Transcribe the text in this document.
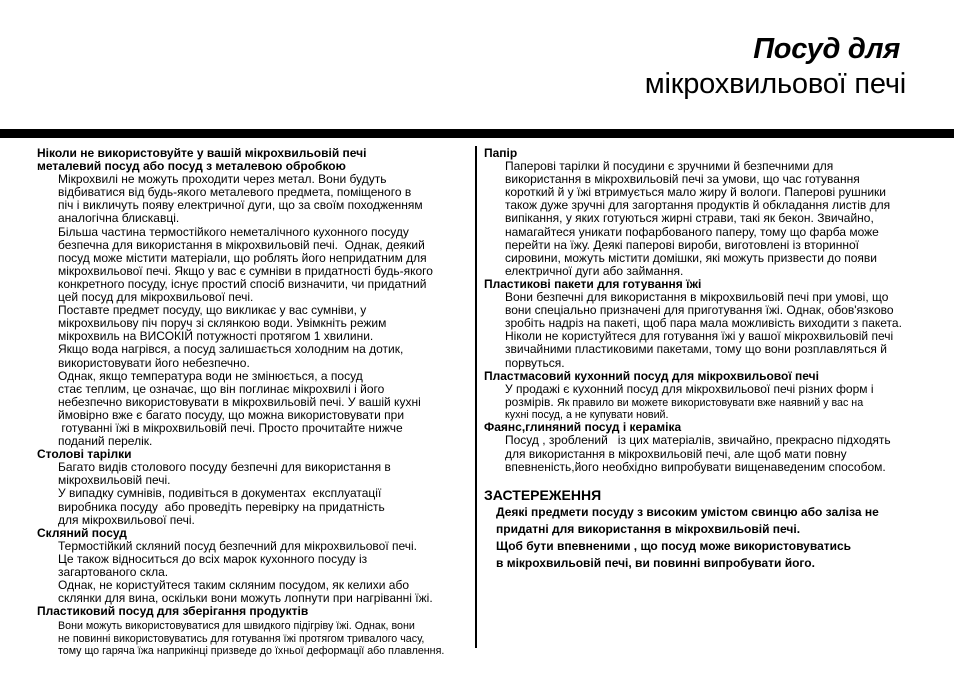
Посуд для
мікрохвильової печі
Ніколи не використовуйте у вашій мікрохвильовій печі
металевий посуд або посуд з металевою обробкою
Мікрохвилі не можуть проходити через метал. Вони будуть
відбиватися від будь-якого металевого предмета, поміщеного в
піч і викличуть появу електричної дуги, що за своїм походженням
аналогічна блискавці.
Більша частина термостійкого неметалічного кухонного посуду
безпечна для використання в мікрохвильовій печі.  Однак, деякий
посуд може містити матеріали, що роблять його непридатним для
мікрохвильової печі. Якщо у вас є сумніви в придатності будь-якого
конкретного посуду, існує простий спосіб визначити, чи придатний
цей посуд для мікрохвильової печі.
Поставте предмет посуду, що викликає у вас сумніви, у
мікрохвильову піч поруч зі склянкою води. Увімкніть режим
мікрохвиль на ВИСОКІЙ потужності протягом 1 хвилини.
Якщо вода нагрівся, а посуд залишається холодним на дотик,
використовувати його небезпечно.
Однак, якщо температура води не змінюється, а посуд
стає теплим, це означає, що він поглинає мікрохвилі і його
небезпечно використовувати в мікрохвильовій печі. У вашій кухні
ймовірно вже є багато посуду, що можна використовувати при
готуванні їжі в мікрохвильовій печі. Просто прочитайте нижче
поданий перелік.
Столові тарілки
Багато видів столового посуду безпечні для використання в
мікрохвильовій печі.
У випадку сумнівів, подивіться в документах  експлуатації
виробника посуду  або проведіть перевірку на придатність
для мікрохвильової печі.
Скляний посуд
Термостійкий скляний посуд безпечний для мікрохвильової печі.
Це також відноситься до всіх марок кухонного посуду із
загартованого скла.
Однак, не користуйтеся таким скляним посудом, як келихи або
склянки для вина, оскільки вони можуть лопнути при нагріванні їжі.
Пластиковий посуд для зберігання продуктів
Вони можуть використовуватися для швидкого підігріву їжі. Однак, вони
не повинні використовуватись для готування їжі протягом тривалого часу,
тому що гаряча їжа наприкінці призведе до їхньої деформації або плавлення.
Папір
Паперові тарілки й посудини є зручними й безпечними для
використання в мікрохвильовій печі за умови, що час готування
короткий й у їжі втримується мало жиру й вологи. Паперові рушники
також дуже зручні для загортання продуктів й обкладання листів для
випікання, у яких готуються жирні страви, такі як бекон. Звичайно,
намагайтеся уникати пофарбованого паперу, тому що фарба може
перейти на їжу. Деякі паперові вироби, виготовлені із вторинної
сировини, можуть містити домішки, які можуть призвести до появи
електричної дуги або займання.
Пластикові пакети для готування їжі
Вони безпечні для використання в мікрохвильовій печі при умові, що
вони спеціально призначені для приготування їжі. Однак, обов'язково
зробіть надріз на пакеті, щоб пара мала можливість виходити з пакета.
Ніколи не користуйтеся для готування їжі у вашої мікрохвильовій печі
звичайними пластиковими пакетами, тому що вони розплавляться й
порвуться.
Пластмасовий кухонний посуд для мікрохвильової печі
У продажі є кухонний посуд для мікрохвильової печі різних форм і
розмірів. Як правило ви можете використовувати вже наявний у вас на
кухні посуд, а не купувати новий.
Фаянс,глиняний посуд і кераміка
Посуд , зроблений   із цих матеріалів, звичайно, прекрасно підходять
для використання в мікрохвильовій печі, але щоб мати повну
впевненість,його необхідно випробувати вищенаведеним способом.
ЗАСТЕРЕЖЕННЯ
Деякі предмети посуду з високим умістом свинцю або заліза не
придатні для використання в мікрохвильовій печі.
Щоб бути впевненими , що посуд може використовуватись
в мікрохвильовій печі, ви повинні випробувати його.
